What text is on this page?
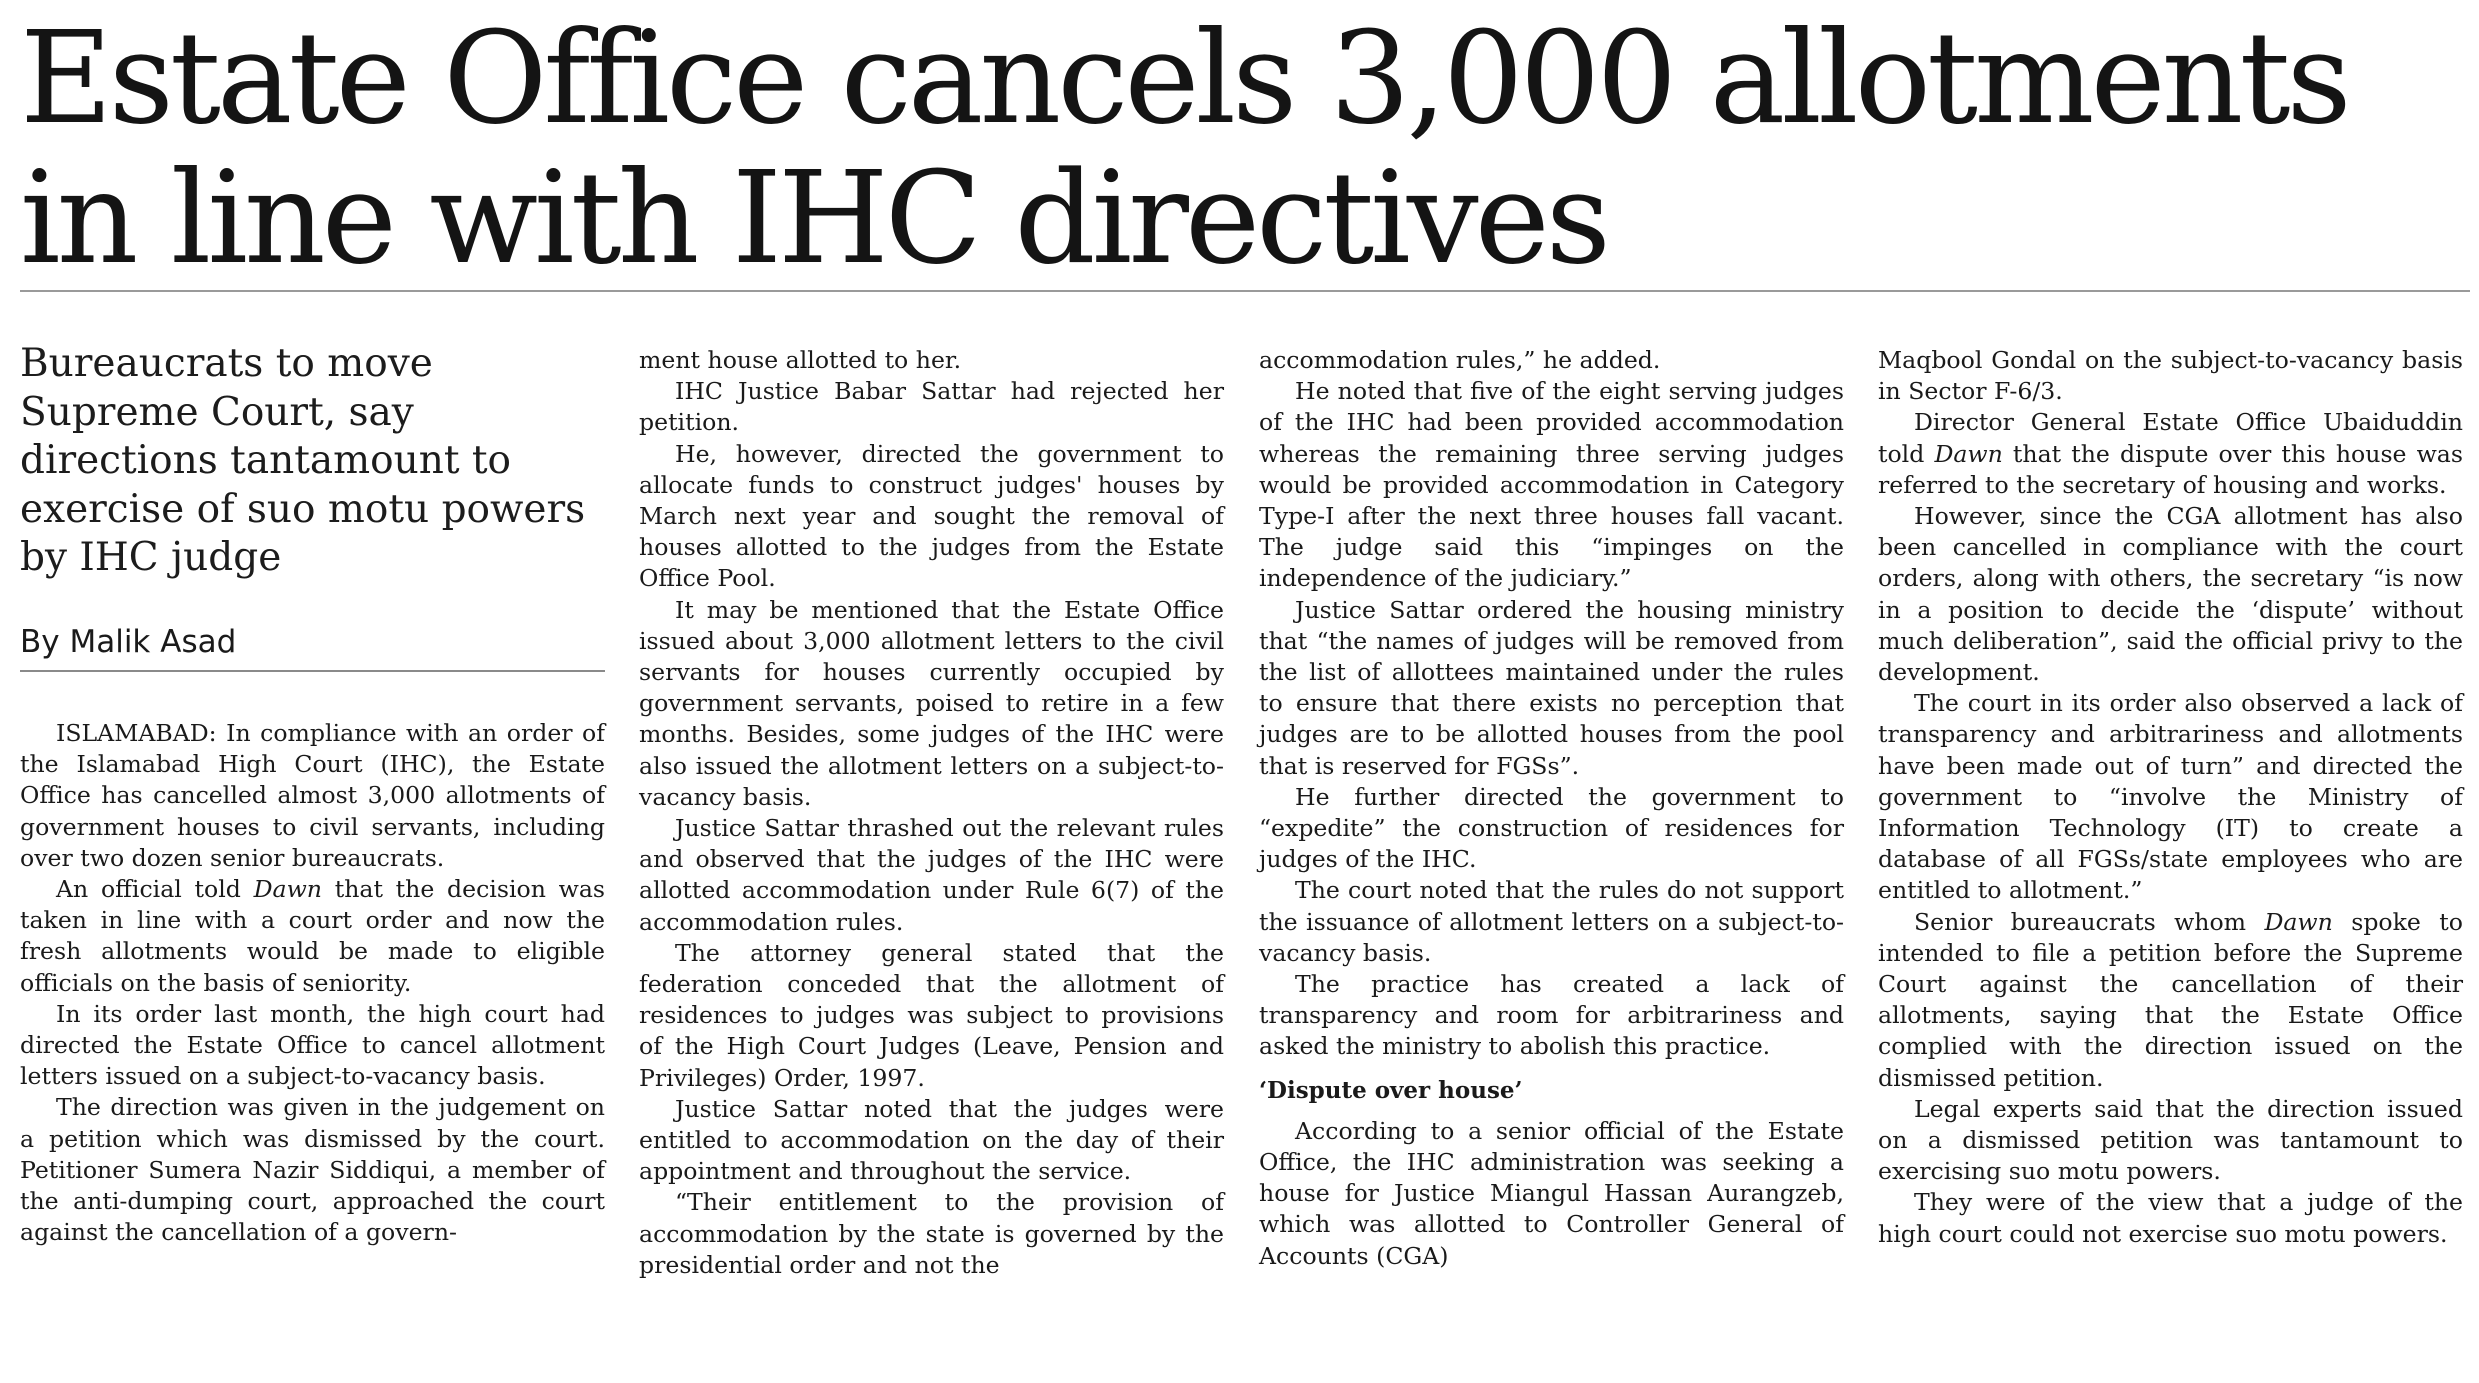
Estate Office cancels 3,000 allotments
in line with IHC directives

Bureaucrats to move Supreme Court, say directions tantamount to exercise of suo motu powers by IHC judge

By Malik Asad

ISLAMABAD: In compliance with an order of the Islamabad High Court (IHC), the Estate Office has cancelled almost 3,000 allotments of government houses to civil servants, including over two dozen senior bureaucrats.

An official told Dawn that the decision was taken in line with a court order and now the fresh allotments would be made to eligible officials on the basis of seniority.

In its order last month, the high court had directed the Estate Office to cancel allotment letters issued on a subject-to-vacancy basis.

The direction was given in the judgement on a petition which was dismissed by the court. Petitioner Sumera Nazir Siddiqui, a member of the anti-dumping court, approached the court against the cancellation of a govern-

ment house allotted to her.

IHC Justice Babar Sattar had rejected her petition.

He, however, directed the government to allocate funds to construct judges' houses by March next year and sought the removal of houses allotted to the judges from the Estate Office Pool.

It may be mentioned that the Estate Office issued about 3,000 allotment letters to the civil servants for houses currently occupied by government servants, poised to retire in a few months. Besides, some judges of the IHC were also issued the allotment letters on a subject-to-vacancy basis.

Justice Sattar thrashed out the relevant rules and observed that the judges of the IHC were allotted accommodation under Rule 6(7) of the accommodation rules.

The attorney general stated that the federation conceded that the allotment of residences to judges was subject to provisions of the High Court Judges (Leave, Pension and Privileges) Order, 1997.

Justice Sattar noted that the judges were entitled to accommodation on the day of their appointment and throughout the service.

“Their entitlement to the provision of accommodation by the state is governed by the presidential order and not the

accommodation rules,” he added.

He noted that five of the eight serving judges of the IHC had been provided accommodation whereas the remaining three serving judges would be provided accommodation in Category Type-I after the next three houses fall vacant. The judge said this “impinges on the independence of the judiciary.”

Justice Sattar ordered the housing ministry that “the names of judges will be removed from the list of allottees maintained under the rules to ensure that there exists no perception that judges are to be allotted houses from the pool that is reserved for FGSs”.

He further directed the government to “expedite” the construction of residences for judges of the IHC.

The court noted that the rules do not support the issuance of allotment letters on a subject-to-vacancy basis.

The practice has created a lack of transparency and room for arbitrariness and asked the ministry to abolish this practice.

‘Dispute over house’

According to a senior official of the Estate Office, the IHC administration was seeking a house for Justice Miangul Hassan Aurangzeb, which was allotted to Controller General of Accounts (CGA)

Maqbool Gondal on the subject-to-vacancy basis in Sector F-6/3.

Director General Estate Office Ubaiduddin told Dawn that the dispute over this house was referred to the secretary of housing and works.

However, since the CGA allotment has also been cancelled in compliance with the court orders, along with others, the secretary “is now in a position to decide the ‘dispute’ without much deliberation”, said the official privy to the development.

The court in its order also observed a lack of transparency and arbitrariness and allotments have been made out of turn” and directed the government to “involve the Ministry of Information Technology (IT) to create a database of all FGSs/state employees who are entitled to allotment.”

Senior bureaucrats whom Dawn spoke to intended to file a petition before the Supreme Court against the cancellation of their allotments, saying that the Estate Office complied with the direction issued on the dismissed petition.

Legal experts said that the direction issued on a dismissed petition was tantamount to exercising suo motu powers.

They were of the view that a judge of the high court could not exercise suo motu powers.
